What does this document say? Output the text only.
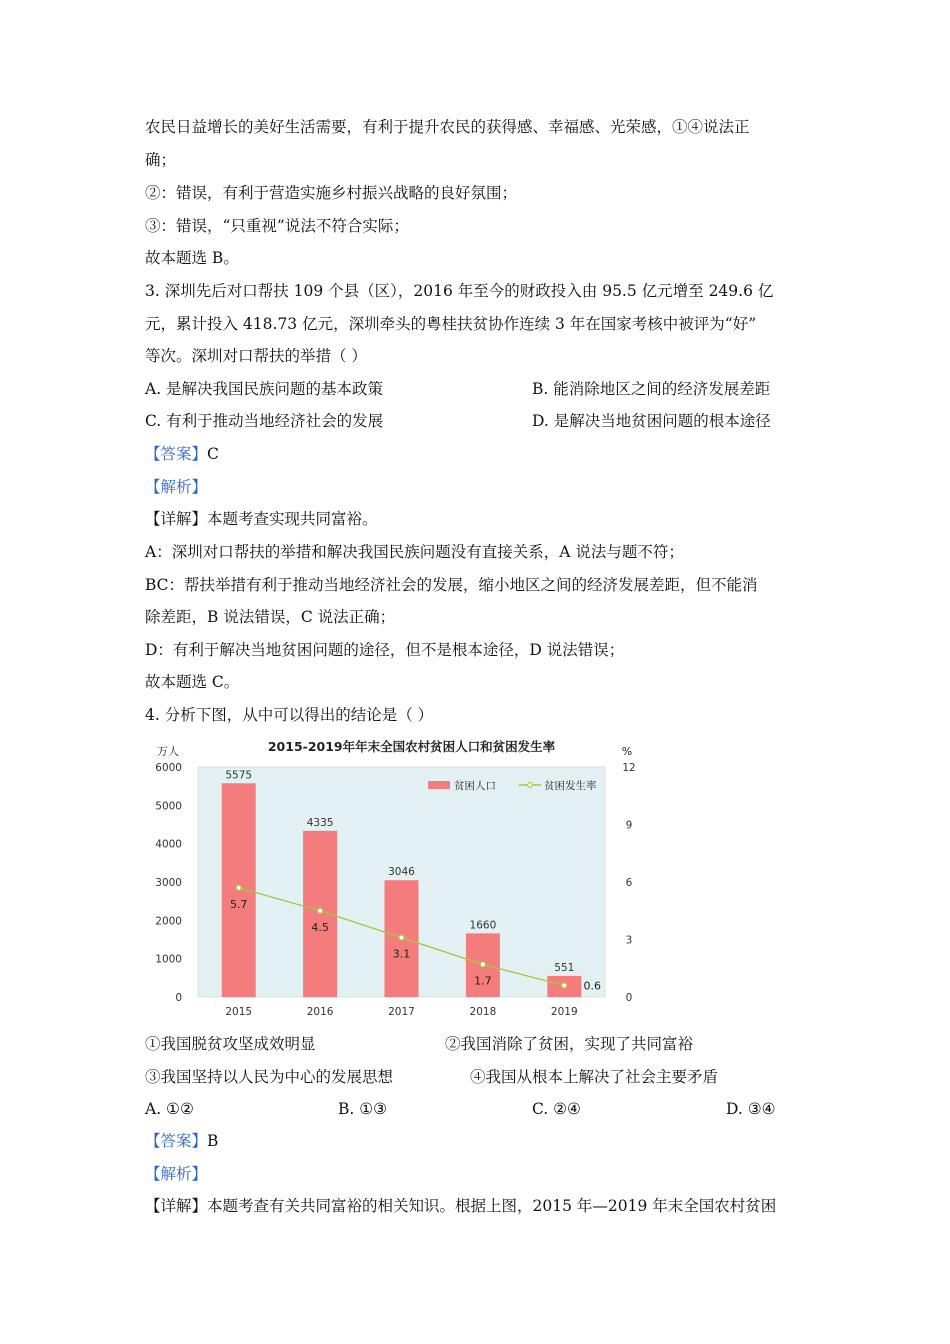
农民日益增长的美好生活需要，有利于提升农民的获得感、幸福感、光荣感，①④说法正
确；
②：错误，有利于营造实施乡村振兴战略的良好氛围；
③：错误，“只重视”说法不符合实际；
故本题选 B。
3. 深圳先后对口帮扶 109 个县（区），2016 年至今的财政投入由 95.5 亿元增至 249.6 亿
元，累计投入 418.73 亿元，深圳牵头的粤桂扶贫协作连续 3 年在国家考核中被评为“好”
等次。深圳对口帮扶的举措（ ）
A. 是解决我国民族问题的基本政策	B. 能消除地区之间的经济发展差距
C. 有利于推动当地经济社会的发展	D. 是解决当地贫困问题的根本途径
【答案】C
【解析】
【详解】本题考查实现共同富裕。
A：深圳对口帮扶的举措和解决我国民族问题没有直接关系，A 说法与题不符；
BC：帮扶举措有利于推动当地经济社会的发展，缩小地区之间的经济发展差距，但不能消
除差距，B 说法错误，C 说法正确；
D：有利于解决当地贫困问题的途径，但不是根本途径，D 说法错误；
故本题选 C。
4. 分析下图，从中可以得出的结论是（ ）
2015-2019年年末全国农村贫困人口和贫困发生率
万人	%
0
1000
2000
3000
4000
5000
6000
0
3
6
9
12
5575
4335
3046
1660
551
2015	2016	2017	2018	2019
5.7
4.5
3.1
1.7	0.6
贫困人口	贫困发生率
①我国脱贫攻坚成效明显	②我国消除了贫困，实现了共同富裕
③我国坚持以人民为中心的发展思想	④我国从根本上解决了社会主要矛盾
A. ①②	B. ①③	C. ②④	D. ③④
【答案】B
【解析】
【详解】本题考查有关共同富裕的相关知识。根据上图，2015 年—2019 年末全国农村贫困
